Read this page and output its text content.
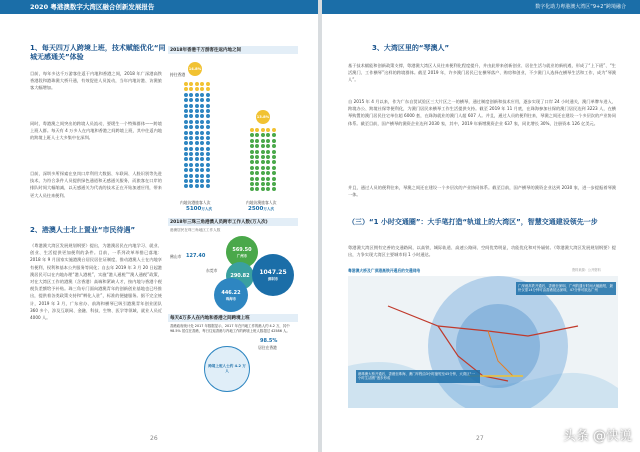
2020 粤港澳数字大湾区融合创新发展报告
1、每天四万人跨境上班，技术赋能优化“同城无感通关”体验
目前，每年多达千万游客往返于内地和香港之间，2018 年广深港高铁香港段和港珠澳大桥开通，有效促进人员流动，当年内地访港、访澳旅客大幅增加。
同时，粤港澳之间突出的跨境人员流动，要缓生一个特殊群体——跨境上班人群。每天有 4 万多人在内地和香港之间跨境上班，其中往返内地的跨境上班人士大多集中在深圳。
目前，深圳多所探索在皇岗口岸利用大数据、车联网、人脸识别等先进技术，为符合条件人员提供绿色通道和无感通关服务，而旅客在口岸的排队时间大幅缩减，以无感通关为代表的技术正在开始加速应用，带来更大人员往来便利。
2、港澳人士北上置业“市民待遇”
《粤港澳大湾区发展规划纲要》提出，为港澳居民在内地学习、就业、创业、生活提供更加便利的条件。目前，一系列改革举措已落地：2018 年 9 月国家实施港澳台居民居住证制度，推动港澳人士在内地享有便利，权利和基本公共服务等同化；自去年 2019 年 3 月 20 日起港澳居民可以在内地办理“港人港税”，实施“港人通税”“澳人通税”政策，对在大湾区工作的港澳（含香港）高端和紧缺人才，按内地与香港个税税负差额给予补贴。珠三角专门面向港澳青年的创新创业基地也已经推出，提供着各类政策支持和“孵化入驻”，标准的便捷服务。据不完全统计，2019 年 3 月，广东省办、前海和横琴已吸引港澳青年创业团队 360 多个，涉及互联网、金融、科技、生物、医学等领域，就业人员近 4000 人。
2018年香港千万游客往返内地之间
持往香港
14.8%
5100万人次
内地访港旅客人次
13.8%
2500万人次
内地访澳旅客人次
2018年三珠三角港澳人员跨市工作人数(万人次)
港澳居民在珠三角地区工作人数
佛山市 127.40
569.50
广州市
290.82
东莞市	1047.25
深圳市
446.22
珠海市
每天4万多人在内地和香港之间跨境上班
香港政府统计处 2017 年数据显示，2017 年在内地工作的港人约 4.2 万，其中 98.5% 居住在香港，每日往返香港与内地工作的跨境上班人数超过 42586 人。
跨境上班人士约 4.2 万人
98.5%
居住在香港
26
数字化助力粤港澳大湾区“9+2”跨境融合
3、大湾区里的“琴澳人”
基于技术赋能和创新政策支撑，粤港澳大湾区人员往来便利化程度提升，并由此带来创新创业、居住生活与就业的新机遇，形成了“上下班”、“生活澳门、工作横琴”这样的跨境群体。截至 2019 年，许多澳门居民已在横琴落户、购房和创业，不少澳门人选择在横琴生活和工作，成为“琴澳人”。
自 2015 年 4 月以来，作为广东自贸试验区三大片区之一的横琴，通过制度创新和技术应用，逐步实现了口岸 24 小时通关，澳门单牌车进入、跨境办公、跨境社保等便利化，为澳门居民来横琴工作生活提供支持。截至 2019 年 11 月底，在珠海参加社保的澳门居民达到 3223 人，在横琴购置的澳门居民住宅单位超 6000 套，在珠海就业的澳门人超 607 人。并且，通过人员的便利往来，琴澳之间还在建设一个多层次的产业协同体系。截至目前，国产横琴的澳资企业达到 2030 家，其中，2019 年新增澳资企业 637 家，同比增长 30%，注册资本 126 亿美元。
并且，通过人员的便利往来，琴澳之间还在建设一个多层次的产业协同体系。截至目前，国产横琴的澳资企业达到 2030 家，进一步提振着琴澳一体。
（三）“1 小时交通圈”：大手笔打造“轨道上的大湾区”，智慧交通建设领先一步
粤港澳大湾区拥有完善的交通路网，以高铁、城际轨道、高速公路网、空间优势明显，功能优化和对外辐射。《粤港澳大湾区发展规划纲要》提出，力争实现大湾区主要城市间 1 小时通达。
粤港澳大桥及广深港高铁开通后的交通网络	资料来源：公开资料
广深港高铁开通后，香港至深圳、广州的通行时间大幅缩短，最快仅需14分钟可由香港抵达深圳，47分钟可抵达广州
港珠澳大桥开通后，香港至珠海、澳门车程由3小时缩短至45分钟，大湾区“一小时生活圈”逐步形成
27	头条 @快说
